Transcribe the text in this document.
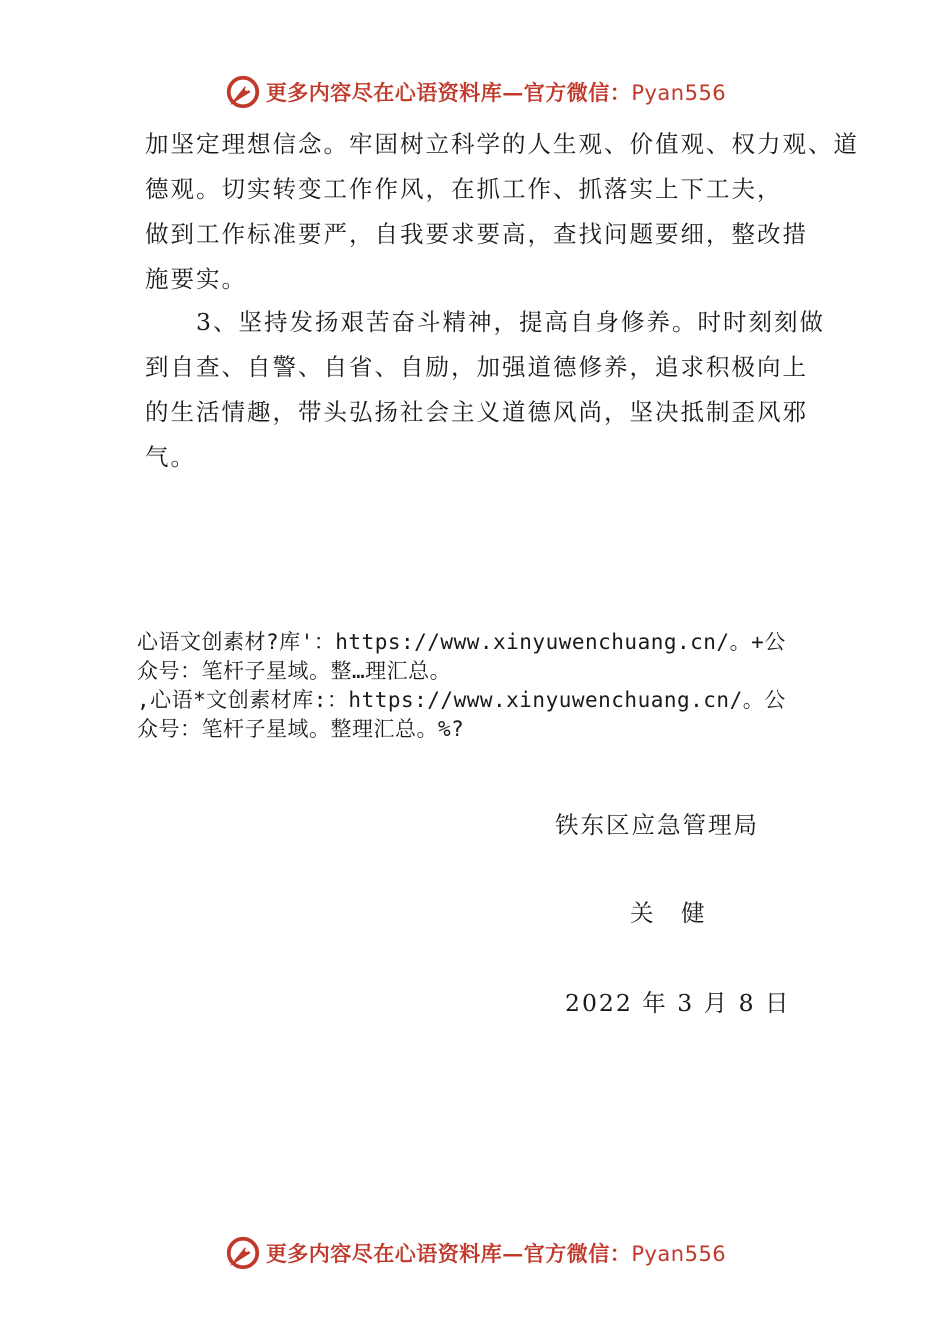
更多内容尽在心语资料库—官方微信：Pyan556
加坚定理想信念。牢固树立科学的人生观、价值观、权力观、道
德观。切实转变工作作风，在抓工作、抓落实上下工夫，
做到工作标准要严，自我要求要高，查找问题要细，整改措
施要实。
　　3、坚持发扬艰苦奋斗精神，提高自身修养。时时刻刻做
到自查、自警、自省、自励，加强道德修养，追求积极向上
的生活情趣，带头弘扬社会主义道德风尚，坚决抵制歪风邪
气。
心语文创素材?库'：https://www.xinyuwenchuang.cn/。+公
众号：笔杆子星域。整…理汇总。
,心语*文创素材库:：https://www.xinyuwenchuang.cn/。公
众号：笔杆子星域。整理汇总。%?
铁东区应急管理局
关　健
2022 年 3 月 8 日
更多内容尽在心语资料库—官方微信：Pyan556
